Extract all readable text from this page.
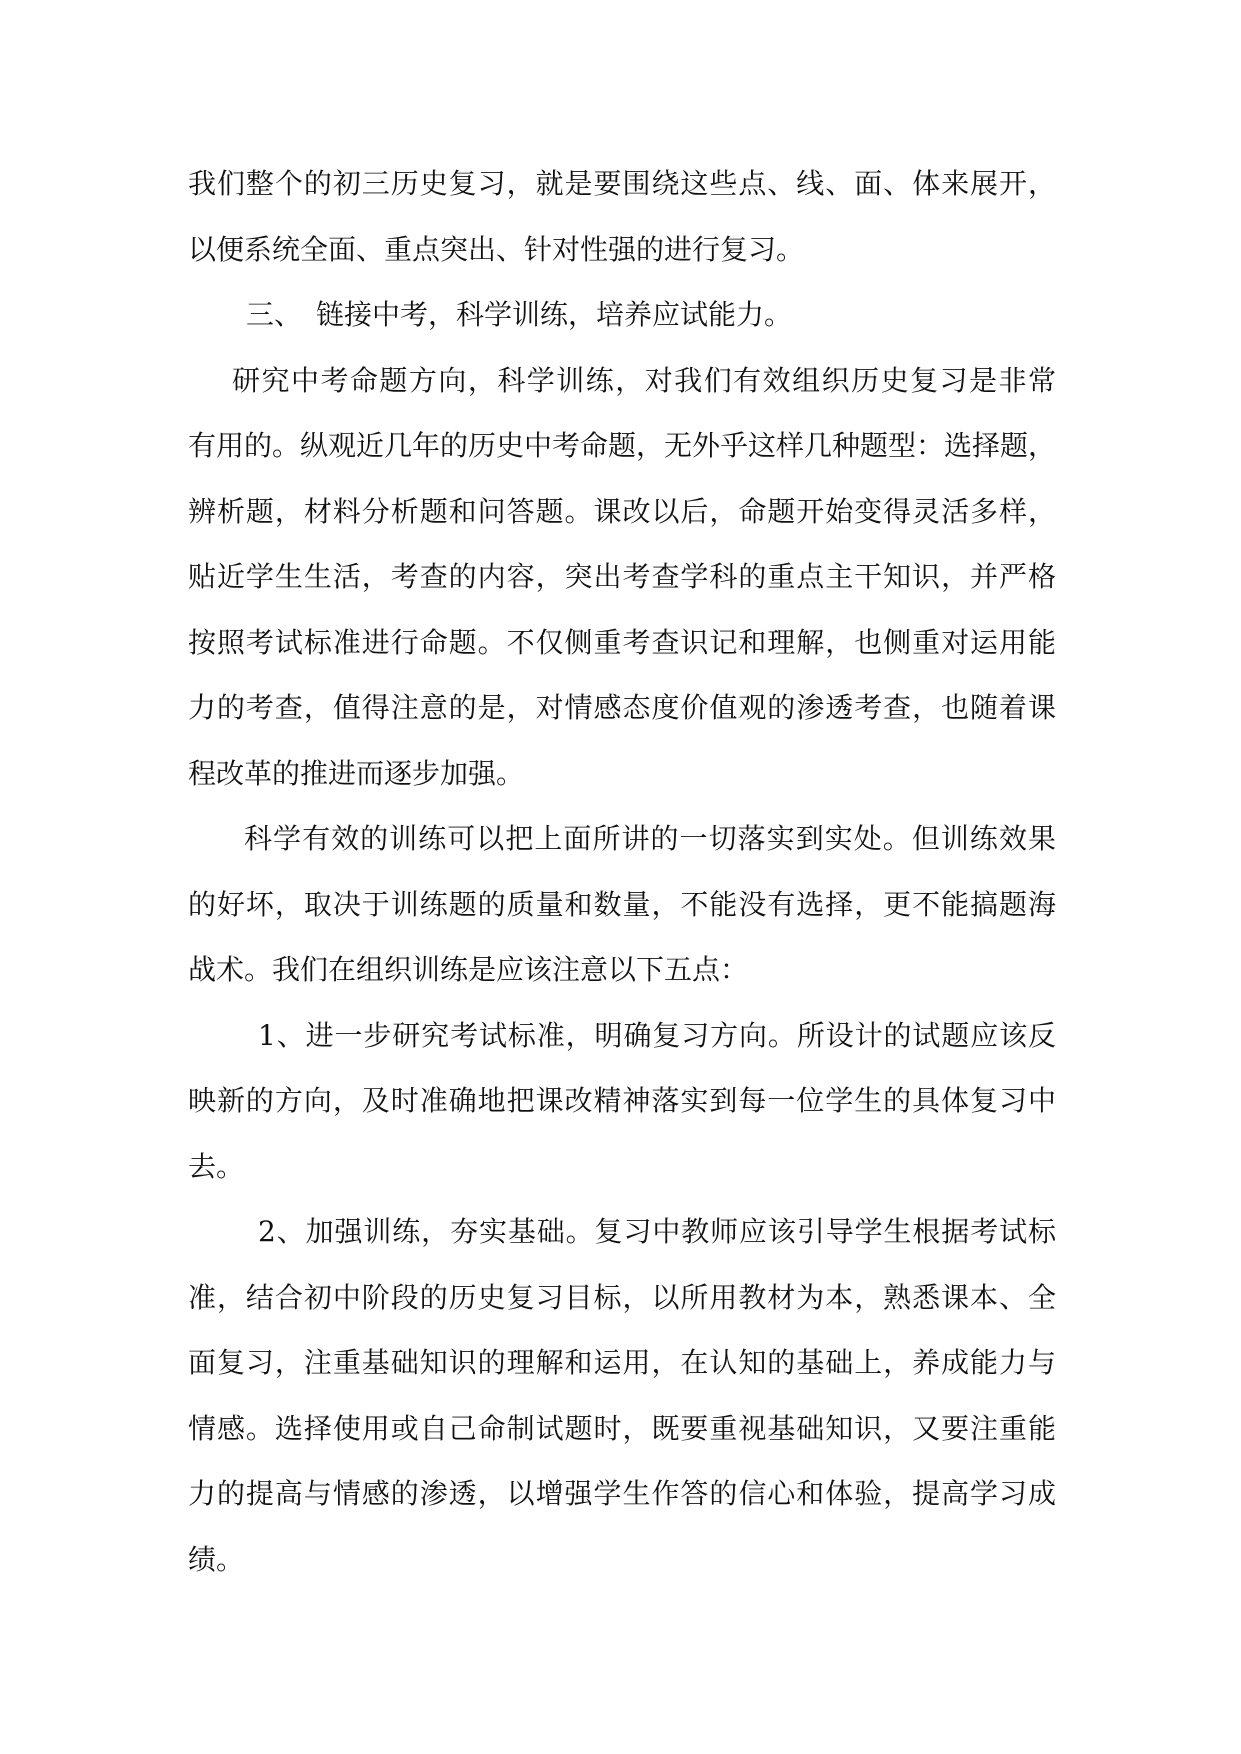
我们整个的初三历史复习，就是要围绕这些点、线、面、体来展开，
以便系统全面、重点突出、针对性强的进行复习。
三、 链接中考，科学训练，培养应试能力。
研究中考命题方向，科学训练，对我们有效组织历史复习是非常
有用的。纵观近几年的历史中考命题，无外乎这样几种题型：选择题，
辨析题，材料分析题和问答题。课改以后，命题开始变得灵活多样，
贴近学生生活，考查的内容，突出考查学科的重点主干知识，并严格
按照考试标准进行命题。不仅侧重考查识记和理解，也侧重对运用能
力的考查，值得注意的是，对情感态度价值观的渗透考查，也随着课
程改革的推进而逐步加强。
科学有效的训练可以把上面所讲的一切落实到实处。但训练效果
的好坏，取决于训练题的质量和数量，不能没有选择，更不能搞题海
战术。我们在组织训练是应该注意以下五点：
1、进一步研究考试标准，明确复习方向。所设计的试题应该反
映新的方向，及时准确地把课改精神落实到每一位学生的具体复习中
去。
2、加强训练，夯实基础。复习中教师应该引导学生根据考试标
准，结合初中阶段的历史复习目标，以所用教材为本，熟悉课本、全
面复习，注重基础知识的理解和运用，在认知的基础上，养成能力与
情感。选择使用或自己命制试题时，既要重视基础知识，又要注重能
力的提高与情感的渗透，以增强学生作答的信心和体验，提高学习成
绩。
